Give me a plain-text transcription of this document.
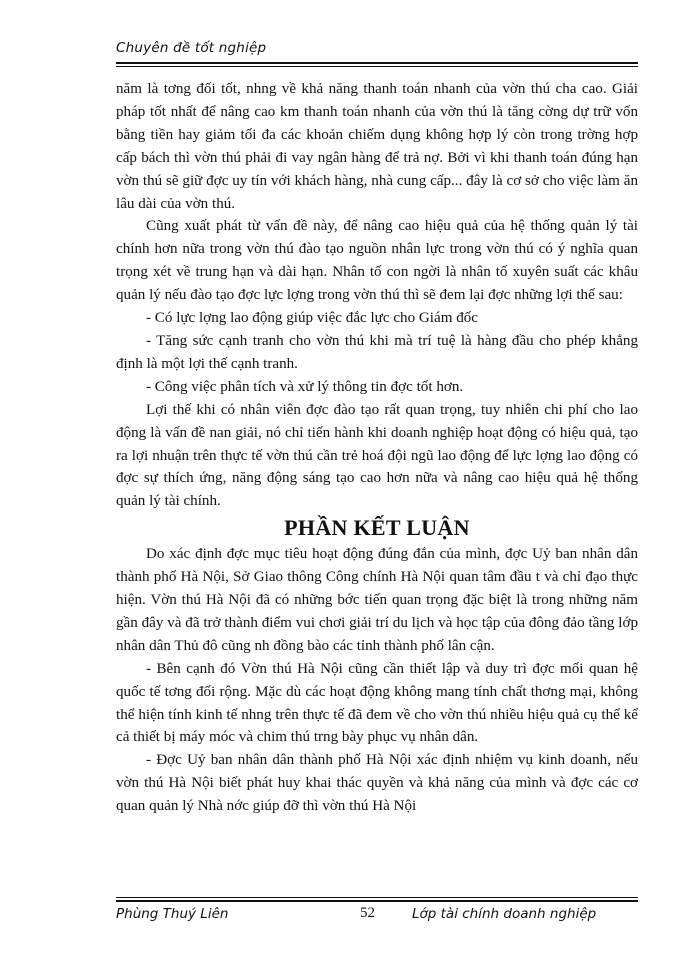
Chuyên đề tốt nghiệp

năm là tơng đối tốt, nhng về khả năng thanh toán nhanh của vờn thú cha cao. Giải pháp tốt nhất để nâng cao km thanh toán nhanh của vờn thú là tăng cờng dự trữ vốn bằng tiền hay giảm tối đa các khoản chiếm dụng không hợp lý còn trong trờng hợp cấp bách thì vờn thú phải đi vay ngân hàng để trả nợ. Bởi vì khi thanh toán đúng hạn vờn thú sẽ giữ đợc uy tín với khách hàng, nhà cung cấp... đây là cơ sở cho việc làm ăn lâu dài của vờn thú.

Cũng xuất phát từ vấn đề này, để nâng cao hiệu quả của hệ thống quản lý tài chính hơn nữa trong vờn thú đào tạo nguồn nhân lực trong vờn thú có ý nghĩa quan trọng xét về trung hạn và dài hạn. Nhân tố con ngời là nhân tố xuyên suất các khâu quản lý nếu đào tạo đợc lực lợng trong vờn thú thì sẽ đem lại đợc những lợi thế sau:

- Có lực lợng lao động giúp việc đắc lực cho Giám đốc

- Tăng sức cạnh tranh cho vờn thú khi mà trí tuệ là hàng đầu cho phép khẳng định là một lợi thế cạnh tranh.

- Công việc phân tích và xử lý thông tin đợc tốt hơn.

Lợi thế khi có nhân viên đợc đào tạo rất quan trọng, tuy nhiên chi phí cho lao động là vấn đề nan giải, nó chỉ tiến hành khi doanh nghiệp hoạt động có hiệu quả, tạo ra lợi nhuận trên thực tế vờn thú cần trẻ hoá đội ngũ lao động để lực lợng lao động có đợc sự thích ứng, năng động sáng tạo cao hơn nữa và nâng cao hiệu quả hệ thống quản lý tài chính.

PHẦN KẾT LUẬN

Do xác định đợc mục tiêu hoạt động đúng đắn của mình, đợc Uỷ ban nhân dân thành phố Hà Nội, Sở Giao thông Công chính Hà Nội quan tâm đầu t và chỉ đạo thực hiện. Vờn thú Hà Nội đã có những bớc tiến quan trọng đặc biệt là trong những năm gần đây và đã trở thành điểm vui chơi giải trí du lịch và học tập của đông đảo tầng lớp nhân dân Thủ đô cũng nh đồng bào các tỉnh thành phố lân cận.

- Bên cạnh đó Vờn thú Hà Nội cũng cần thiết lập và duy trì đợc mối quan hệ quốc tế tơng đối rộng. Mặc dù các hoạt động không mang tính chất thơng mại, không thể hiện tính kinh tế nhng trên thực tế đã đem về cho vờn thú nhiều hiệu quả cụ thể kể cả thiết bị máy móc và chim thú trng bày phục vụ nhân dân.

- Đợc Uỷ ban nhân dân thành phố Hà Nội xác định nhiệm vụ kinh doanh, nếu vờn thú Hà Nội biết phát huy khai thác quyền và khả năng của mình và đợc các cơ quan quản lý Nhà nớc giúp đỡ thì vờn thú Hà Nội

Phùng Thuý Liên	52	Lớp tài chính doanh nghiệp
